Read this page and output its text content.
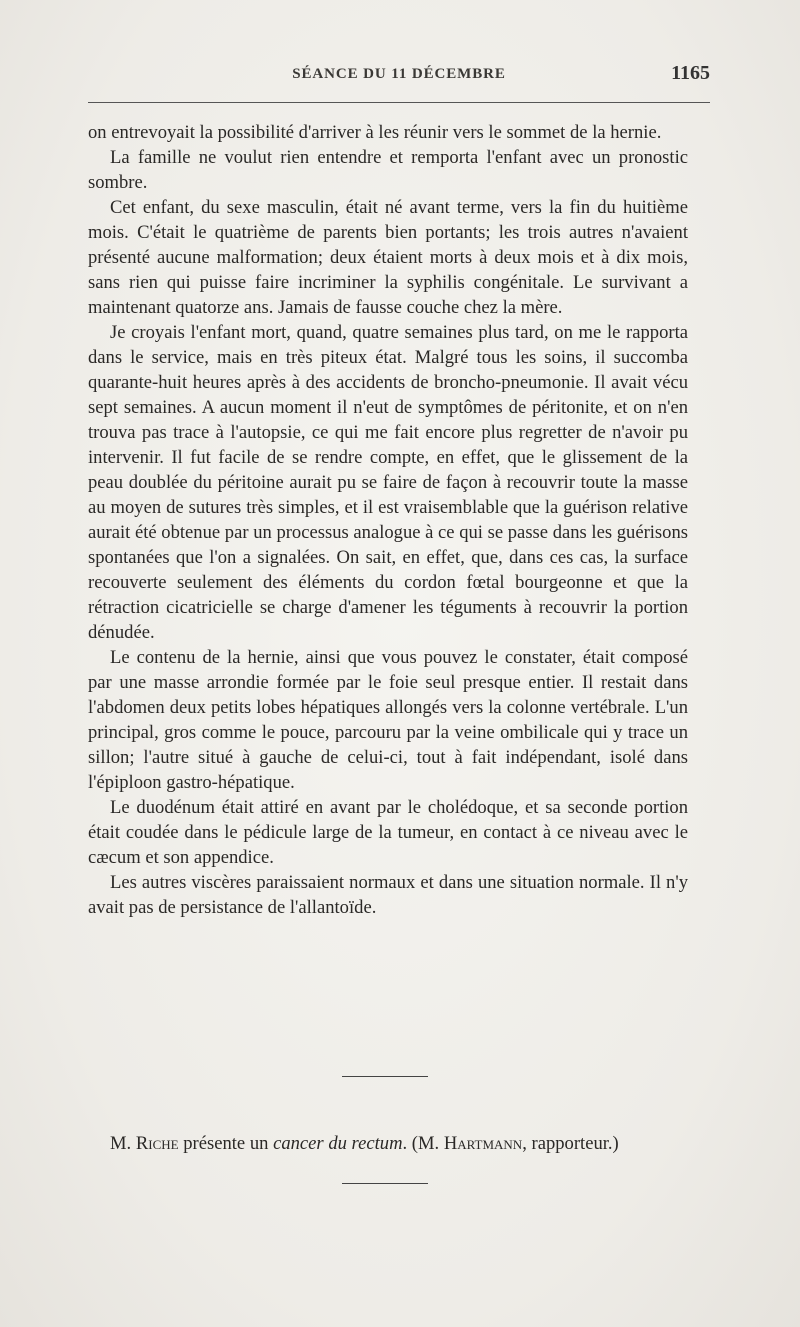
SÉANCE DU 11 DÉCEMBRE	1165

on entrevoyait la possibilité d'arriver à les réunir vers le sommet de la hernie.

La famille ne voulut rien entendre et remporta l'enfant avec un pronostic sombre.

Cet enfant, du sexe masculin, était né avant terme, vers la fin du huitième mois. C'était le quatrième de parents bien portants; les trois autres n'avaient présenté aucune malformation; deux étaient morts à deux mois et à dix mois, sans rien qui puisse faire incriminer la syphilis congénitale. Le survivant a maintenant quatorze ans. Jamais de fausse couche chez la mère.

Je croyais l'enfant mort, quand, quatre semaines plus tard, on me le rapporta dans le service, mais en très piteux état. Malgré tous les soins, il succomba quarante-huit heures après à des accidents de broncho-pneumonie. Il avait vécu sept semaines. A aucun moment il n'eut de symptômes de péritonite, et on n'en trouva pas trace à l'autopsie, ce qui me fait encore plus regretter de n'avoir pu intervenir. Il fut facile de se rendre compte, en effet, que le glissement de la peau doublée du péritoine aurait pu se faire de façon à recouvrir toute la masse au moyen de sutures très simples, et il est vraisemblable que la guérison relative aurait été obtenue par un processus analogue à ce qui se passe dans les guérisons spontanées que l'on a signalées. On sait, en effet, que, dans ces cas, la surface recouverte seulement des éléments du cordon fœtal bourgeonne et que la rétraction cicatricielle se charge d'amener les téguments à recouvrir la portion dénudée.

Le contenu de la hernie, ainsi que vous pouvez le constater, était composé par une masse arrondie formée par le foie seul presque entier. Il restait dans l'abdomen deux petits lobes hépatiques allongés vers la colonne vertébrale. L'un principal, gros comme le pouce, parcouru par la veine ombilicale qui y trace un sillon; l'autre situé à gauche de celui-ci, tout à fait indépendant, isolé dans l'épiploon gastro-hépatique.

Le duodénum était attiré en avant par le cholédoque, et sa seconde portion était coudée dans le pédicule large de la tumeur, en contact à ce niveau avec le cæcum et son appendice.

Les autres viscères paraissaient normaux et dans une situation normale. Il n'y avait pas de persistance de l'allantoïde.

M. Riche présente un cancer du rectum. (M. Hartmann, rapporteur.)
